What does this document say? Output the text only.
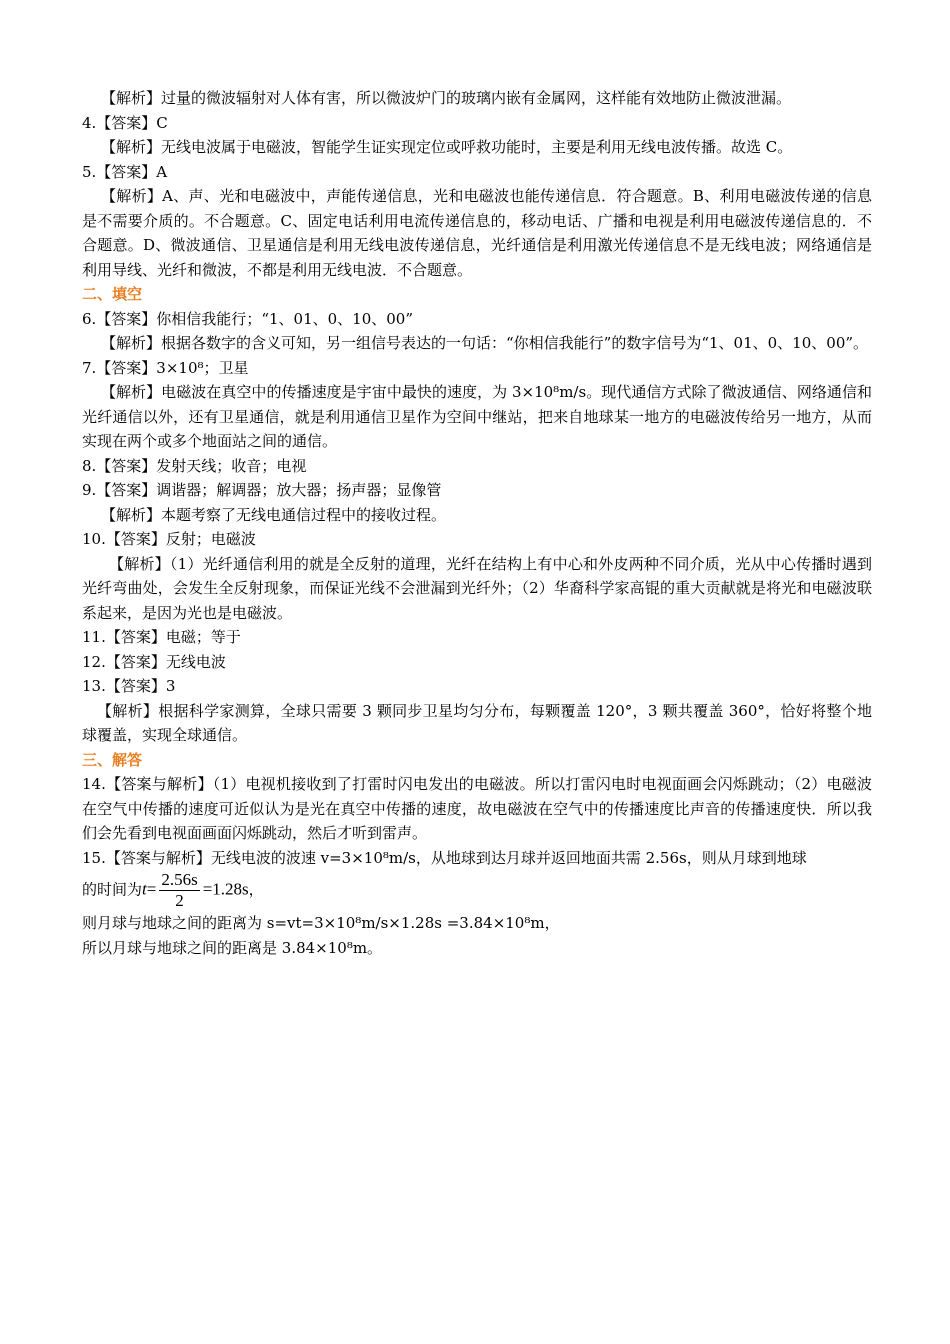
【解析】过量的微波辐射对人体有害，所以微波炉门的玻璃内嵌有金属网，这样能有效地防止微波泄漏。

4.【答案】C

【解析】无线电波属于电磁波，智能学生证实现定位或呼救功能时，主要是利用无线电波传播。故选 C。

5.【答案】A

【解析】A、声、光和电磁波中，声能传递信息，光和电磁波也能传递信息．符合题意。B、利用电磁波传递的信息是不需要介质的。不合题意。C、固定电话利用电流传递信息的，移动电话、广播和电视是利用电磁波传递信息的．不合题意。D、微波通信、卫星通信是利用无线电波传递信息，光纤通信是利用激光传递信息不是无线电波；网络通信是利用导线、光纤和微波，不都是利用无线电波．不合题意。

二、填空

6.【答案】你相信我能行；“1、01、0、10、00”

【解析】根据各数字的含义可知，另一组信号表达的一句话：“你相信我能行”的数字信号为“1、01、0、10、00”。

7.【答案】3×10⁸；卫星

【解析】电磁波在真空中的传播速度是宇宙中最快的速度，为 3×10⁸m/s。现代通信方式除了微波通信、网络通信和光纤通信以外，还有卫星通信，就是利用通信卫星作为空间中继站，把来自地球某一地方的电磁波传给另一地方，从而实现在两个或多个地面站之间的通信。

8.【答案】发射天线；收音；电视

9.【答案】调谐器；解调器；放大器；扬声器；显像管

【解析】本题考察了无线电通信过程中的接收过程。

10.【答案】反射；电磁波

【解析】（1）光纤通信利用的就是全反射的道理，光纤在结构上有中心和外皮两种不同介质，光从中心传播时遇到光纤弯曲处，会发生全反射现象，而保证光线不会泄漏到光纤外；（2）华裔科学家高锟的重大贡献就是将光和电磁波联系起来，是因为光也是电磁波。

11.【答案】电磁；等于

12.【答案】无线电波

13.【答案】3

【解析】根据科学家测算，全球只需要 3 颗同步卫星均匀分布，每颗覆盖 120°，3 颗共覆盖 360°，恰好将整个地球覆盖，实现全球通信。

三、解答

14.【答案与解析】（1）电视机接收到了打雷时闪电发出的电磁波。所以打雷闪电时电视面画会闪烁跳动；（2）电磁波在空气中传播的速度可近似认为是光在真空中传播的速度，故电磁波在空气中的传播速度比声音的传播速度快．所以我们会先看到电视面画面闪烁跳动，然后才听到雷声。

15.【答案与解析】无线电波的波速 v=3×10⁸m/s，从地球到达月球并返回地面共需 2.56s，则从月球到地球

的时间为$t= \frac{2.56s}{2} =1.28s$，

则月球与地球之间的距离为 s=vt=3×10⁸m/s×1.28s =3.84×10⁸m，

所以月球与地球之间的距离是 3.84×10⁸m。
